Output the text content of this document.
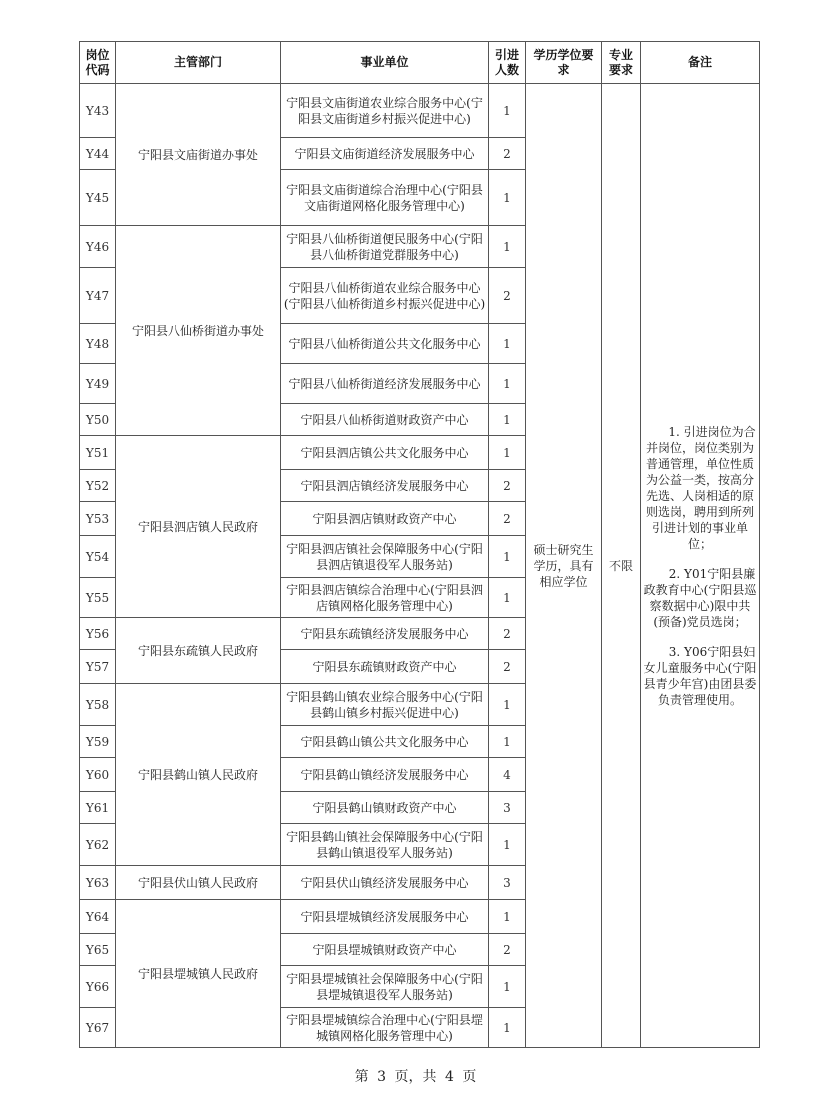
岗位代码	主管部门	事业单位	引进人数	学历学位要求	专业要求	备注
Y43	宁阳县文庙街道办事处	宁阳县文庙街道农业综合服务中心(宁阳县文庙街道乡村振兴促进中心)	1	硕士研究生学历，具有相应学位	不限	1. 引进岗位为合并岗位，岗位类别为普通管理，单位性质为公益一类，按高分先选、人岗相适的原则选岗，聘用到所列引进计划的事业单位；
2. Y01宁阳县廉政教育中心(宁阳县巡察数据中心)限中共(预备)党员选岗；
3. Y06宁阳县妇女儿童服务中心(宁阳县青少年宫)由团县委负责管理使用。

Y44		宁阳县文庙街道经济发展服务中心	2			
Y45		宁阳县文庙街道综合治理中心(宁阳县文庙街道网格化服务管理中心)	1			
Y46	宁阳县八仙桥街道办事处	宁阳县八仙桥街道便民服务中心(宁阳县八仙桥街道党群服务中心)	1			
Y47		宁阳县八仙桥街道农业综合服务中心(宁阳县八仙桥街道乡村振兴促进中心)	2			
Y48		宁阳县八仙桥街道公共文化服务中心	1			
Y49		宁阳县八仙桥街道经济发展服务中心	1			
Y50		宁阳县八仙桥街道财政资产中心	1			
Y51	宁阳县泗店镇人民政府	宁阳县泗店镇公共文化服务中心	1			
Y52		宁阳县泗店镇经济发展服务中心	2			
Y53		宁阳县泗店镇财政资产中心	2			
Y54		宁阳县泗店镇社会保障服务中心(宁阳县泗店镇退役军人服务站)	1			
Y55		宁阳县泗店镇综合治理中心(宁阳县泗店镇网格化服务管理中心)	1			
Y56	宁阳县东疏镇人民政府	宁阳县东疏镇经济发展服务中心	2			
Y57		宁阳县东疏镇财政资产中心	2			
Y58	宁阳县鹤山镇人民政府	宁阳县鹤山镇农业综合服务中心(宁阳县鹤山镇乡村振兴促进中心)	1			
Y59		宁阳县鹤山镇公共文化服务中心	1			
Y60		宁阳县鹤山镇经济发展服务中心	4			
Y61		宁阳县鹤山镇财政资产中心	3			
Y62		宁阳县鹤山镇社会保障服务中心(宁阳县鹤山镇退役军人服务站)	1			
Y63	宁阳县伏山镇人民政府	宁阳县伏山镇经济发展服务中心	3			
Y64	宁阳县堽城镇人民政府	宁阳县堽城镇经济发展服务中心	1			
Y65		宁阳县堽城镇财政资产中心	2			
Y66		宁阳县堽城镇社会保障服务中心(宁阳县堽城镇退役军人服务站)	1			
Y67		宁阳县堽城镇综合治理中心(宁阳县堽城镇网格化服务管理中心)	1			
第 3 页，共 4 页
